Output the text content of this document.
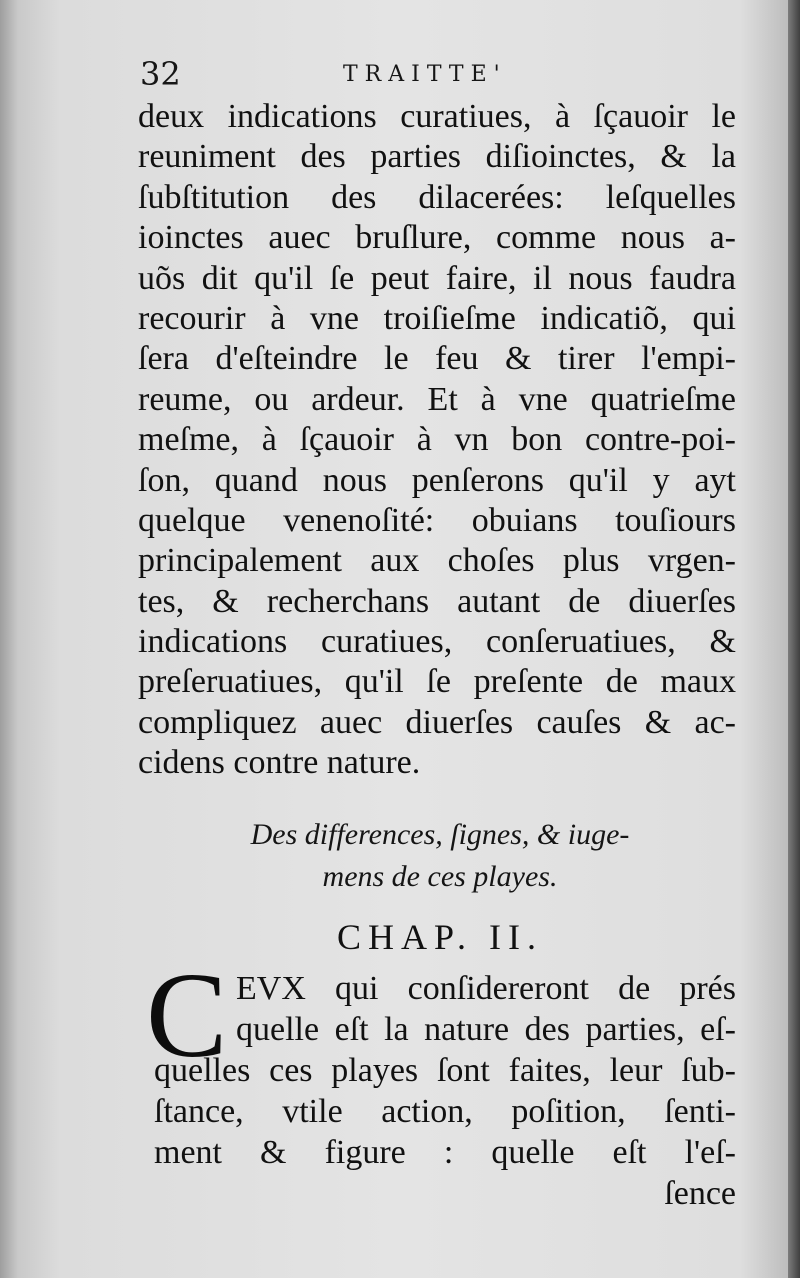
32	TRAITTE'
deux indications curatiues, à ſçauoir le
reuniment des parties diſioinctes, & la
ſubſtitution des dilacerées: leſquelles
ioinctes auec bruſlure, comme nous a-
uõs dit qu'il ſe peut faire, il nous faudra
recourir à vne troiſieſme indicatiõ, qui
ſera d'eſteindre le feu & tirer l'empi-
reume, ou ardeur. Et à vne quatrieſme
meſme, à ſçauoir à vn bon contre-poi-
ſon, quand nous penſerons qu'il y ayt
quelque venenoſité: obuians touſiours
principalement aux choſes plus vrgen-
tes, & recherchans autant de diuerſes
indications curatiues, conſeruatiues, &
preſeruatiues, qu'il ſe preſente de maux
compliquez auec diuerſes cauſes & ac-
cidens contre nature.
Des differences, ſignes, & iuge-
mens de ces playes.
CHAP. II.
C EVX qui conſidereront de prés
quelle eſt la nature des parties, eſ-
quelles ces playes ſont faites, leur ſub-
ſtance, vtile action, poſition, ſenti-
ment & figure : quelle eſt l'eſ-
ſence
